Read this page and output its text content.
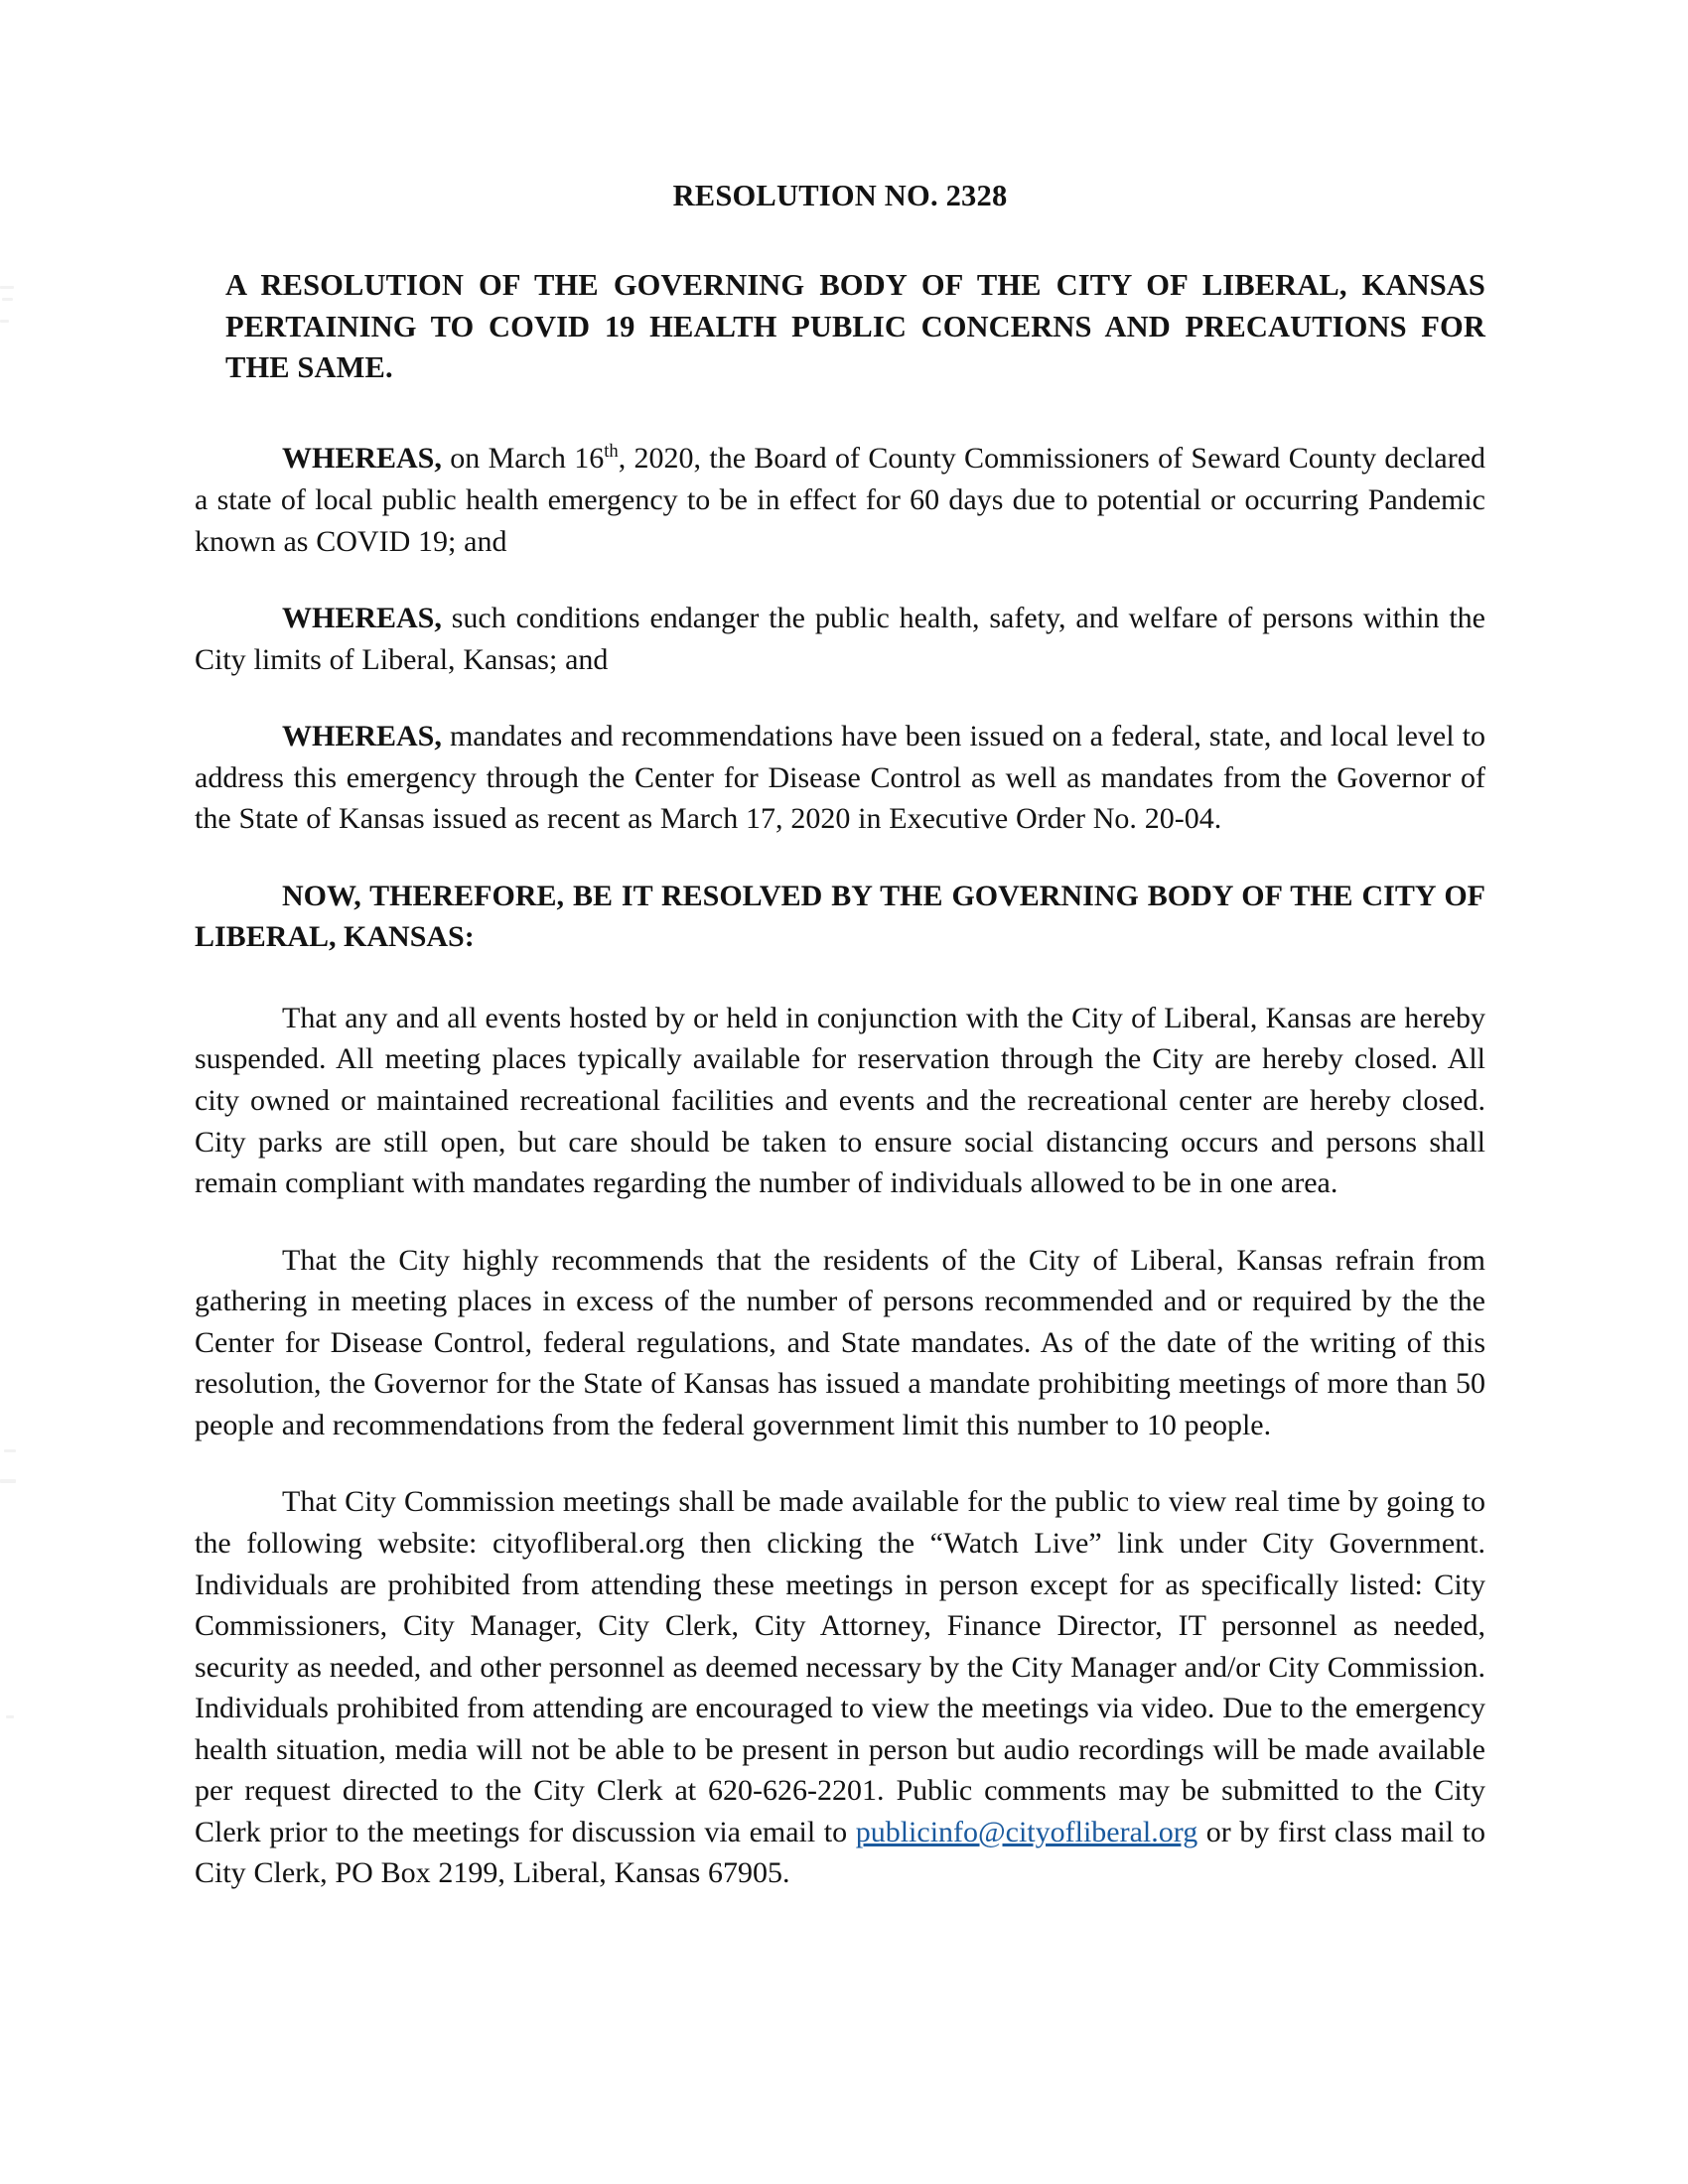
RESOLUTION NO. 2328
A RESOLUTION OF THE GOVERNING BODY OF THE CITY OF LIBERAL, KANSAS PERTAINING TO COVID 19 HEALTH PUBLIC CONCERNS AND PRECAUTIONS FOR THE SAME.

WHEREAS, on March 16th, 2020, the Board of County Commissioners of Seward County declared a state of local public health emergency to be in effect for 60 days due to potential or occurring Pandemic known as COVID 19; and

WHEREAS, such conditions endanger the public health, safety, and welfare of persons within the City limits of Liberal, Kansas; and

WHEREAS, mandates and recommendations have been issued on a federal, state, and local level to address this emergency through the Center for Disease Control as well as mandates from the Governor of the State of Kansas issued as recent as March 17, 2020 in Executive Order No. 20-04.

NOW, THEREFORE, BE IT RESOLVED BY THE GOVERNING BODY OF THE CITY OF LIBERAL, KANSAS:

That any and all events hosted by or held in conjunction with the City of Liberal, Kansas are hereby suspended. All meeting places typically available for reservation through the City are hereby closed. All city owned or maintained recreational facilities and events and the recreational center are hereby closed. City parks are still open, but care should be taken to ensure social distancing occurs and persons shall remain compliant with mandates regarding the number of individuals allowed to be in one area.

That the City highly recommends that the residents of the City of Liberal, Kansas refrain from gathering in meeting places in excess of the number of persons recommended and or required by the the Center for Disease Control, federal regulations, and State mandates. As of the date of the writing of this resolution, the Governor for the State of Kansas has issued a mandate prohibiting meetings of more than 50 people and recommendations from the federal government limit this number to 10 people.

That City Commission meetings shall be made available for the public to view real time by going to the following website: cityofliberal.org then clicking the “Watch Live” link under City Government. Individuals are prohibited from attending these meetings in person except for as specifically listed: City Commissioners, City Manager, City Clerk, City Attorney, Finance Director, IT personnel as needed, security as needed, and other personnel as deemed necessary by the City Manager and/or City Commission. Individuals prohibited from attending are encouraged to view the meetings via video. Due to the emergency health situation, media will not be able to be present in person but audio recordings will be made available per request directed to the City Clerk at 620-626-2201. Public comments may be submitted to the City Clerk prior to the meetings for discussion via email to publicinfo@cityofliberal.org or by first class mail to City Clerk, PO Box 2199, Liberal, Kansas 67905.
